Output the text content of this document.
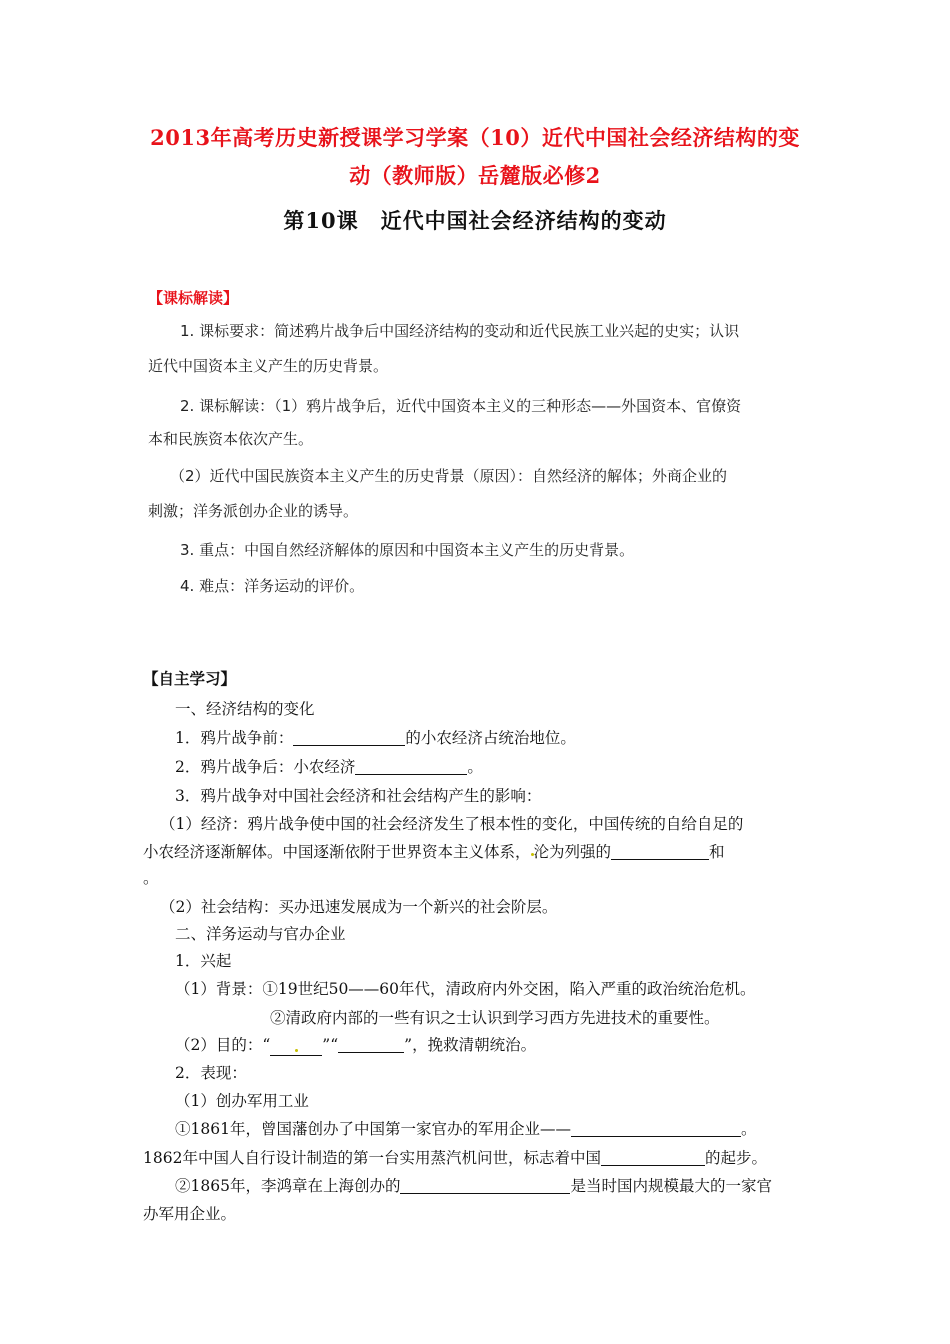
2013年高考历史新授课学习学案（10）近代中国社会经济结构的变
动（教师版）岳麓版必修2
第10课　近代中国社会经济结构的变动
【课标解读】
1. 课标要求：简述鸦片战争后中国经济结构的变动和近代民族工业兴起的史实；认识
近代中国资本主义产生的历史背景。
2. 课标解读：（1）鸦片战争后，近代中国资本主义的三种形态——外国资本、官僚资
本和民族资本依次产生。
（2）近代中国民族资本主义产生的历史背景（原因）：自然经济的解体；外商企业的
刺激；洋务派创办企业的诱导。
3. 重点：中国自然经济解体的原因和中国资本主义产生的历史背景。
4. 难点：洋务运动的评价。
【自主学习】
一、经济结构的变化
1．鸦片战争前：	的小农经济占统治地位。
2．鸦片战争后：小农经济	。
3．鸦片战争对中国社会经济和社会结构产生的影响：
（1）经济：鸦片战争使中国的社会经济发生了根本性的变化，中国传统的自给自足的
小农经济逐渐解体。中国逐渐依附于世界资本主义体系， 沦为列强的	和
。
（2）社会结构：买办迅速发展成为一个新兴的社会阶层。
二、洋务运动与官办企业
1．兴起
（1）背景：①19世纪50——60年代，清政府内外交困，陷入严重的政治统治危机。
②清政府内部的一些有识之士认识到学习西方先进技术的重要性。
（2）目的：“	”“	”，挽救清朝统治。
2．表现：
（1）创办军用工业
①1861年，曾国藩创办了中国第一家官办的军用企业——	。
1862年中国人自行设计制造的第一台实用蒸汽机问世，标志着中国	的起步。
②1865年，李鸿章在上海创办的	是当时国内规模最大的一家官
办军用企业。
